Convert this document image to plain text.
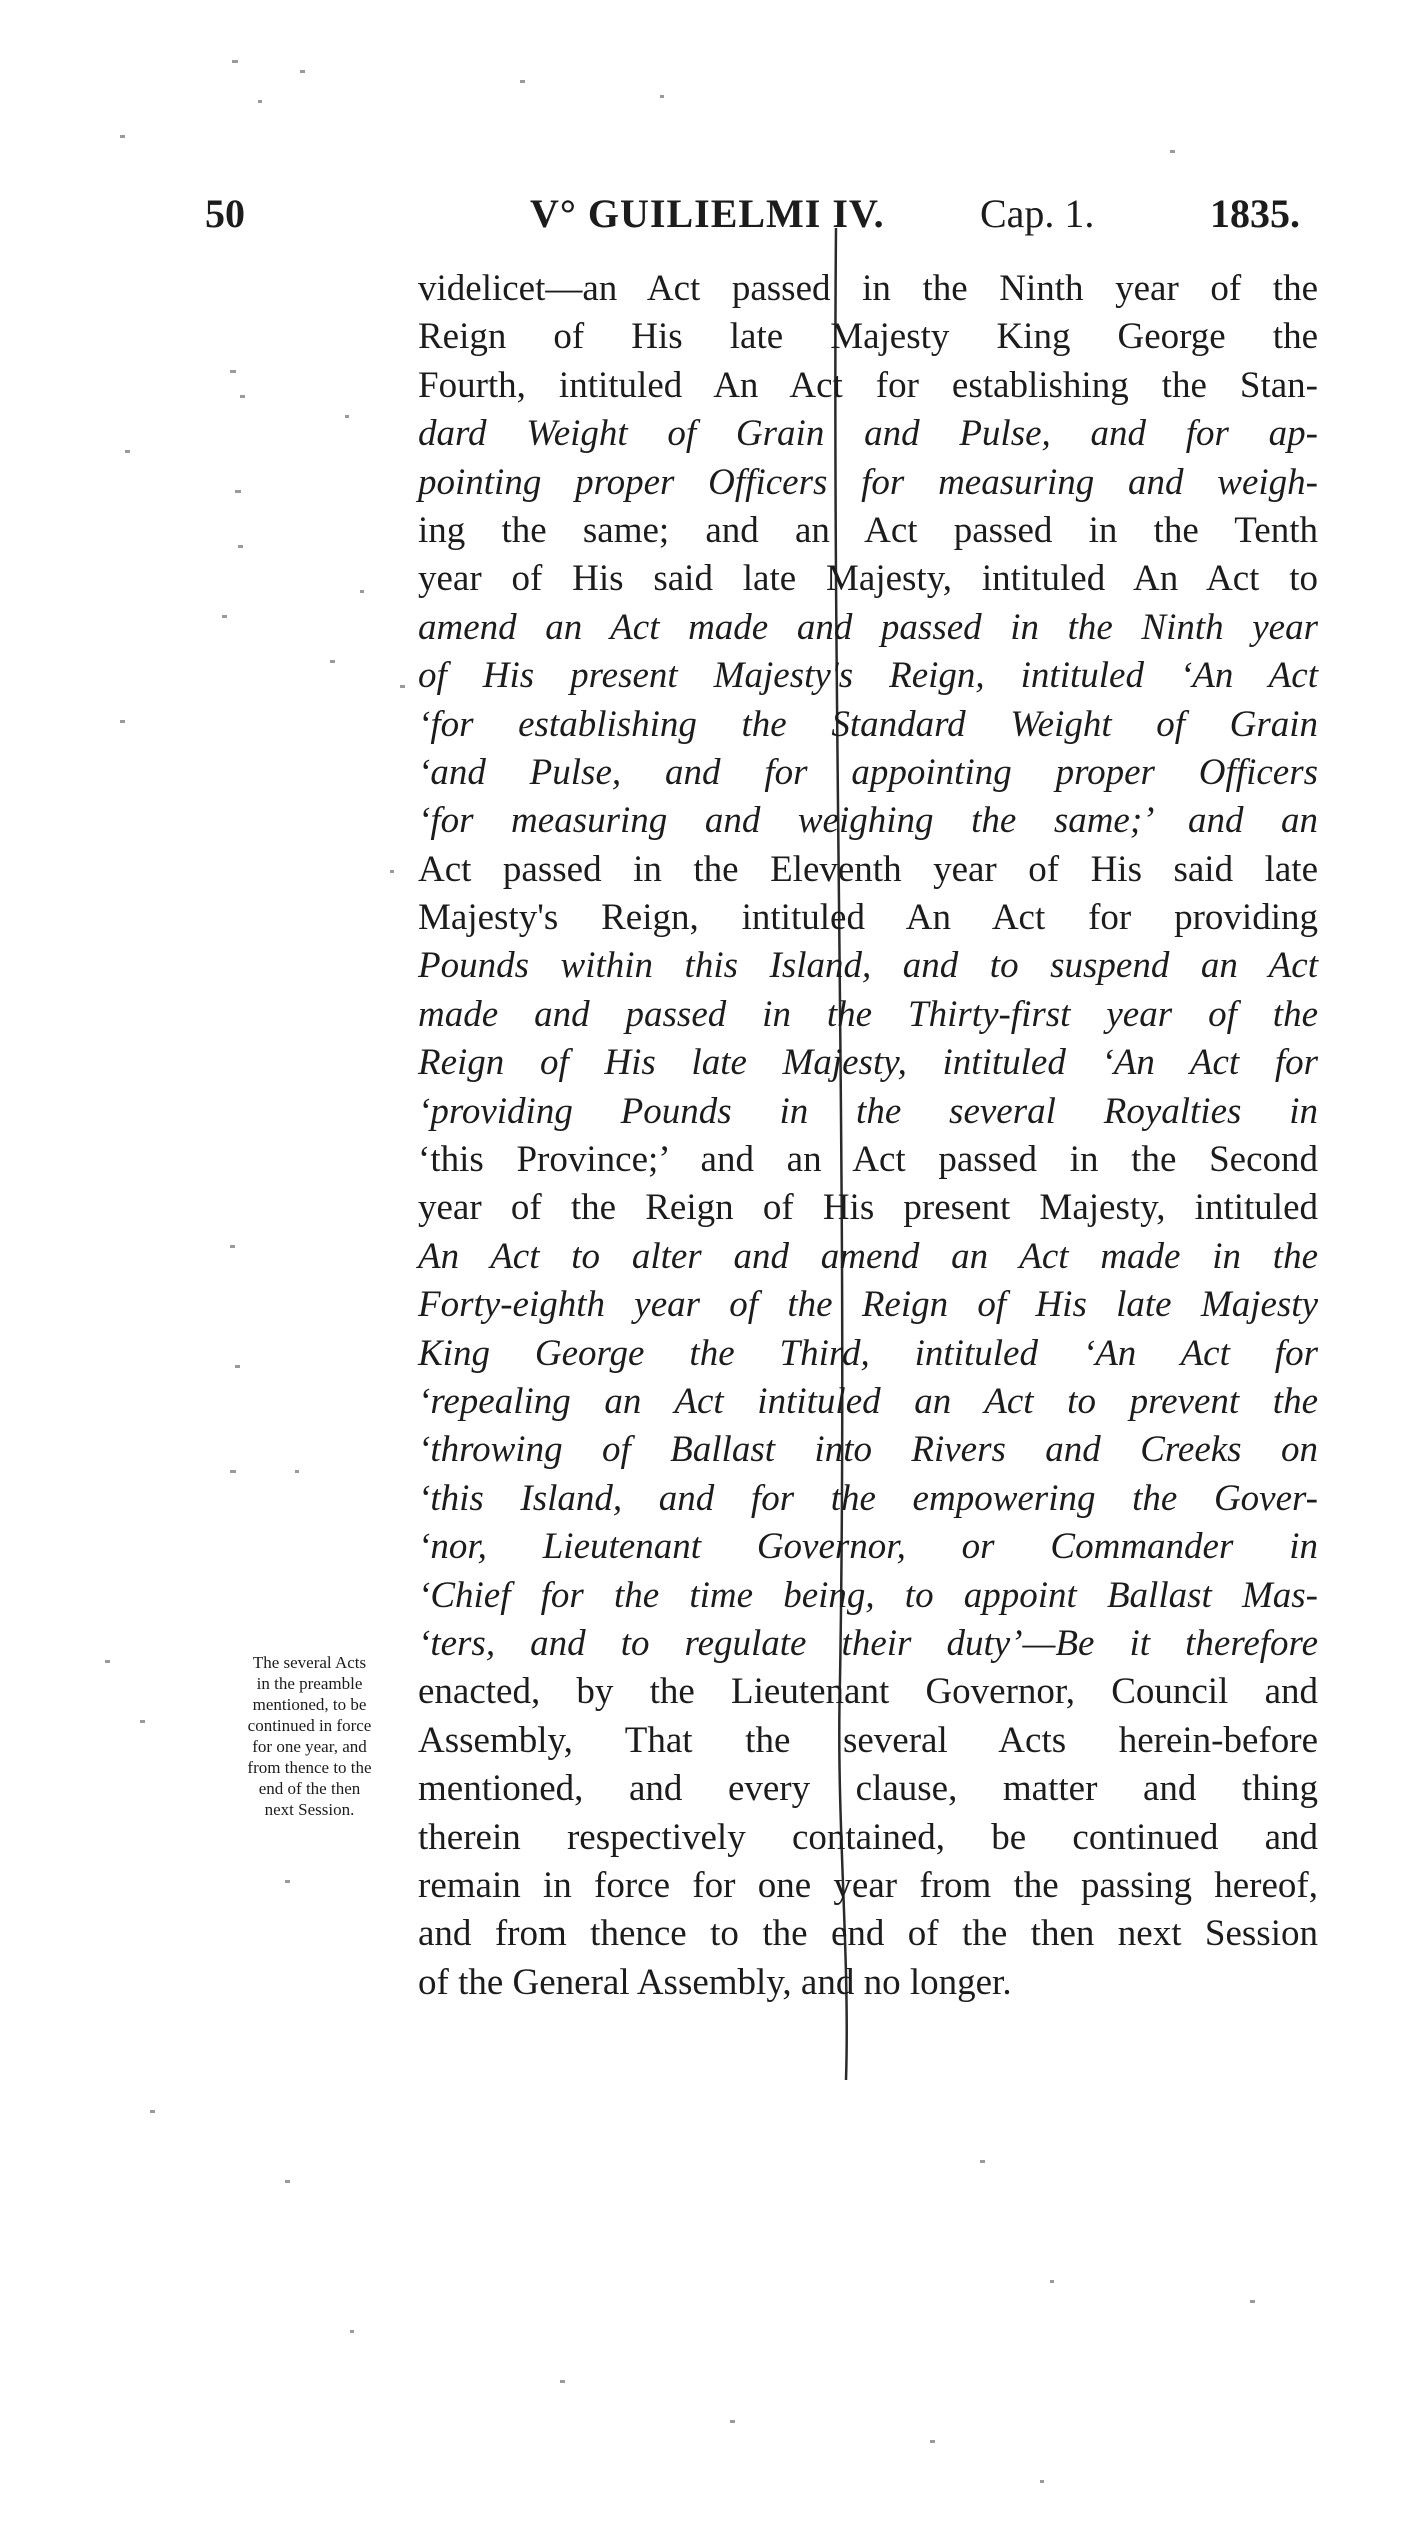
50	V° GUILIELMI IV. Cap. 1.	1835.
The several Acts
in the preamble
mentioned, to be
continued in force
for one year, and
from thence to the
end of the then
next Session.
videlicet—an Act passed in the Ninth year of the
Reign of His late Majesty King George the
Fourth, intituled An Act for establishing the Stan-
dard Weight of Grain and Pulse, and for ap-
pointing proper Officers for measuring and weigh-
ing the same; and an Act passed in the Tenth
year of His said late Majesty, intituled An Act to
amend an Act made and passed in the Ninth year
of His present Majesty's Reign, intituled ‘An Act
‘for establishing the Standard Weight of Grain
‘and Pulse, and for appointing proper Officers
‘for measuring and weighing the same;’ and an
Act passed in the Eleventh year of His said late
Majesty's Reign, intituled An Act for providing
Pounds within this Island, and to suspend an Act
made and passed in the Thirty-first year of the
Reign of His late Majesty, intituled ‘An Act for
‘providing Pounds in the several Royalties in
‘this Province;’ and an Act passed in the Second
year of the Reign of His present Majesty, intituled
An Act to alter and amend an Act made in the
Forty-eighth year of the Reign of His late Majesty
King George the Third, intituled ‘An Act for
‘repealing an Act intituled an Act to prevent the
‘throwing of Ballast into Rivers and Creeks on
‘this Island, and for the empowering the Gover-
‘nor, Lieutenant Governor, or Commander in
‘Chief for the time being, to appoint Ballast Mas-
‘ters, and to regulate their duty’—Be it therefore
enacted, by the Lieutenant Governor, Council and
Assembly, That the several Acts herein-before
mentioned, and every clause, matter and thing
therein respectively contained, be continued and
remain in force for one year from the passing hereof,
and from thence to the end of the then next Session
of the General Assembly, and no longer.
